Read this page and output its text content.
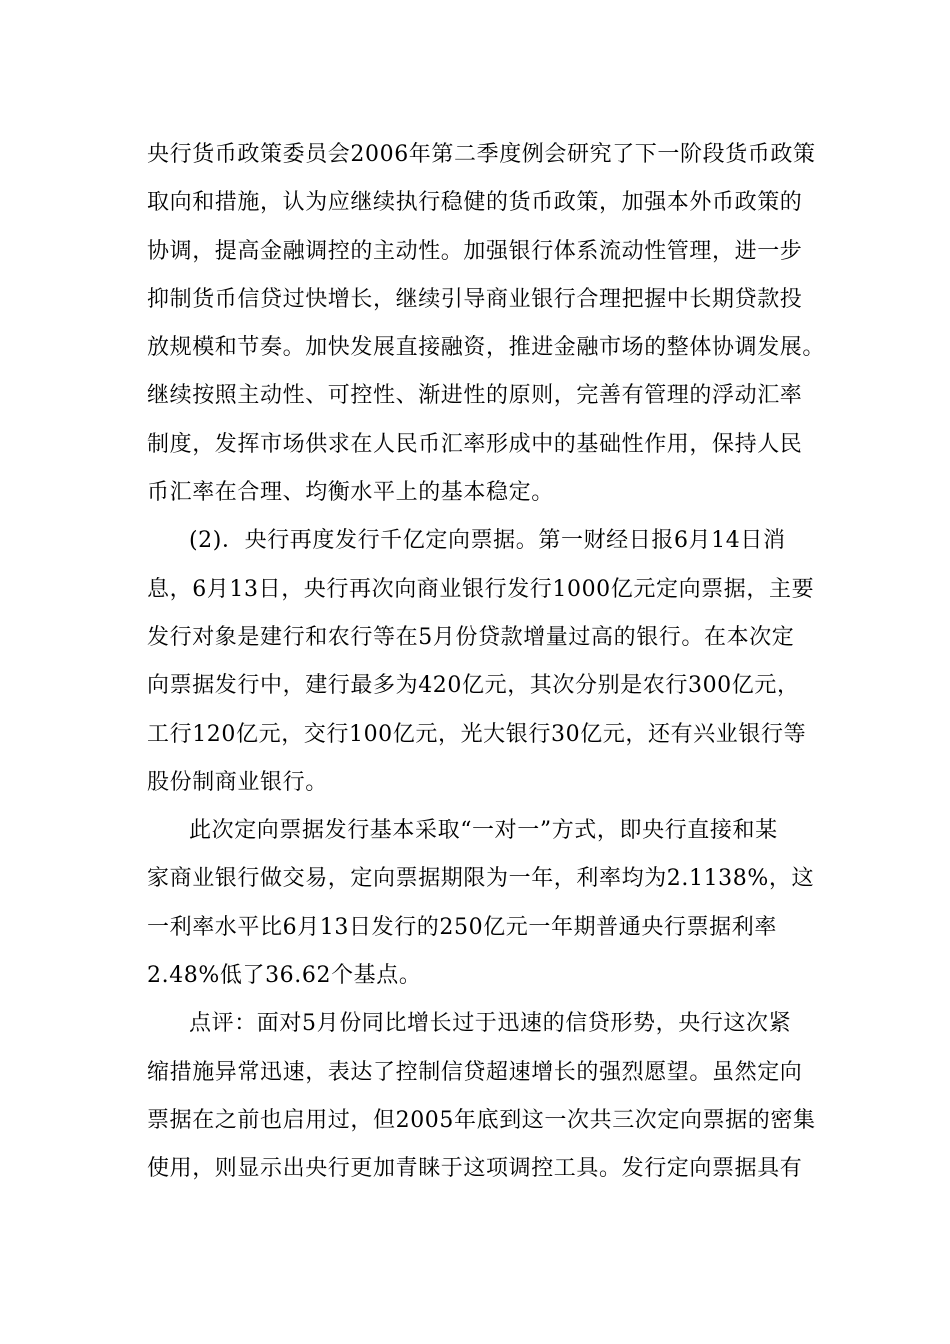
央行货币政策委员会2006年第二季度例会研究了下一阶段货币政策
取向和措施，认为应继续执行稳健的货币政策，加强本外币政策的
协调，提高金融调控的主动性。加强银行体系流动性管理，进一步
抑制货币信贷过快增长，继续引导商业银行合理把握中长期贷款投
放规模和节奏。加快发展直接融资，推进金融市场的整体协调发展。
继续按照主动性、可控性、渐进性的原则，完善有管理的浮动汇率
制度，发挥市场供求在人民币汇率形成中的基础性作用，保持人民
币汇率在合理、均衡水平上的基本稳定。
(2)．央行再度发行千亿定向票据。第一财经日报6月14日消
息，6月13日，央行再次向商业银行发行1000亿元定向票据，主要
发行对象是建行和农行等在5月份贷款增量过高的银行。在本次定
向票据发行中，建行最多为420亿元，其次分别是农行300亿元，
工行120亿元，交行100亿元，光大银行30亿元，还有兴业银行等
股份制商业银行。
此次定向票据发行基本采取“一对一”方式，即央行直接和某
家商业银行做交易，定向票据期限为一年，利率均为2.1138%，这
一利率水平比6月13日发行的250亿元一年期普通央行票据利率
2.48%低了36.62个基点。
点评：面对5月份同比增长过于迅速的信贷形势，央行这次紧
缩措施异常迅速，表达了控制信贷超速增长的强烈愿望。虽然定向
票据在之前也启用过，但2005年底到这一次共三次定向票据的密集
使用，则显示出央行更加青睐于这项调控工具。发行定向票据具有
